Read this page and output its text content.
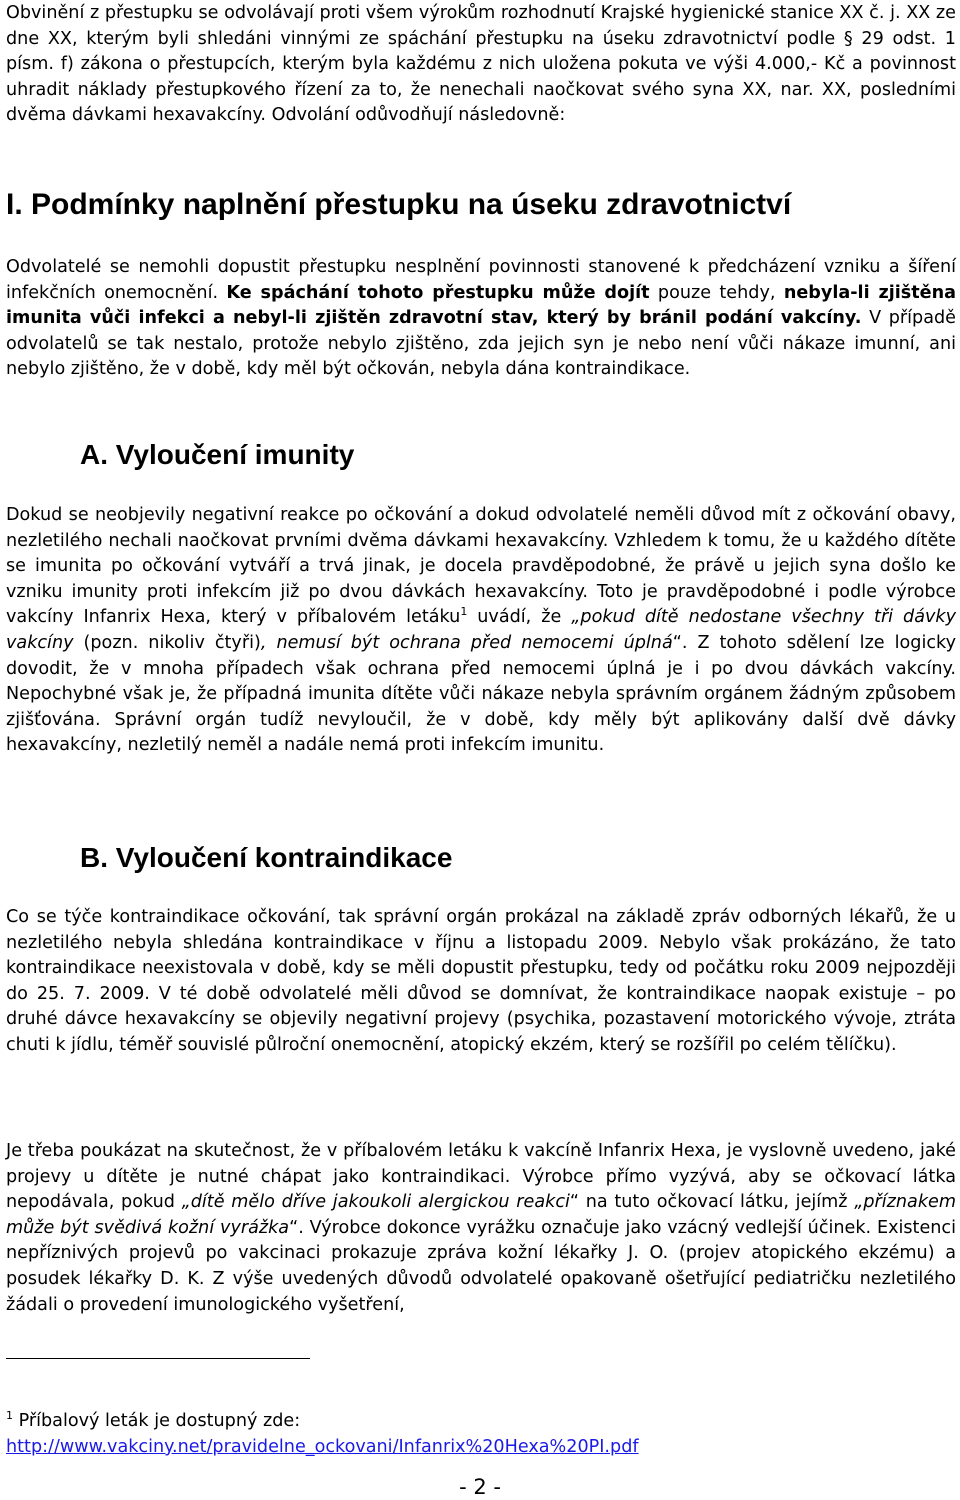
Obvinění z přestupku se odvolávají proti všem výrokům rozhodnutí Krajské hygienické stanice XX č. j. XX ze dne XX, kterým byli shledáni vinnými ze spáchání přestupku na úseku zdravotnictví podle § 29 odst. 1 písm. f) zákona o přestupcích, kterým byla každému z nich uložena pokuta ve výši 4.000,- Kč a povinnost uhradit náklady přestupkového řízení za to, že nenechali naočkovat svého syna XX, nar. XX, posledními dvěma dávkami hexavakcíny. Odvolání odůvodňují následovně:

I. Podmínky naplnění přestupku na úseku zdravotnictví

Odvolatelé se nemohli dopustit přestupku nesplnění povinnosti stanovené k předcházení vzniku a šíření infekčních onemocnění. Ke spáchání tohoto přestupku může dojít pouze tehdy, nebyla-li zjištěna imunita vůči infekci a nebyl-li zjištěn zdravotní stav, který by bránil podání vakcíny. V případě odvolatelů se tak nestalo, protože nebylo zjištěno, zda jejich syn je nebo není vůči nákaze imunní, ani nebylo zjištěno, že v době, kdy měl být očkován, nebyla dána kontraindikace.

A. Vyloučení imunity

Dokud se neobjevily negativní reakce po očkování a dokud odvolatelé neměli důvod mít z očkování obavy, nezletilého nechali naočkovat prvními dvěma dávkami hexavakcíny. Vzhledem k tomu, že u každého dítěte se imunita po očkování vytváří a trvá jinak, je docela pravděpodobné, že právě u jejich syna došlo ke vzniku imunity proti infekcím již po dvou dávkách hexavakcíny. Toto je pravděpodobné i podle výrobce vakcíny Infanrix Hexa, který v příbalovém letáku$^1$ uvádí, že „pokud dítě nedostane všechny tři dávky vakcíny (pozn. nikoliv čtyři), nemusí být ochrana před nemocemi úplná“. Z tohoto sdělení lze logicky dovodit, že v mnoha případech však ochrana před nemocemi úplná je i po dvou dávkách vakcíny. Nepochybné však je, že případná imunita dítěte vůči nákaze nebyla správním orgánem žádným způsobem zjišťována. Správní orgán tudíž nevyloučil, že v době, kdy měly být aplikovány další dvě dávky hexavakcíny, nezletilý neměl a nadále nemá proti infekcím imunitu.

B. Vyloučení kontraindikace

Co se týče kontraindikace očkování, tak správní orgán prokázal na základě zpráv odborných lékařů, že u nezletilého nebyla shledána kontraindikace v říjnu a listopadu 2009. Nebylo však prokázáno, že tato kontraindikace neexistovala v době, kdy se měli dopustit přestupku, tedy od počátku roku 2009 nejpozději do 25. 7. 2009. V té době odvolatelé měli důvod se domnívat, že kontraindikace naopak existuje – po druhé dávce hexavakcíny se objevily negativní projevy (psychika, pozastavení motorického vývoje, ztráta chuti k jídlu, téměř souvislé půlroční onemocnění, atopický ekzém, který se rozšířil po celém tělíčku).

Je třeba poukázat na skutečnost, že v příbalovém letáku k vakcíně Infanrix Hexa, je vyslovně uvedeno, jaké projevy u dítěte je nutné chápat jako kontraindikaci. Výrobce přímo vyzývá, aby se očkovací látka nepodávala, pokud „dítě mělo dříve jakoukoli alergickou reakci“ na tuto očkovací látku, jejímž „příznakem může být svědivá kožní vyrážka“. Výrobce dokonce vyrážku označuje jako vzácný vedlejší účinek. Existenci nepříznivých projevů po vakcinaci prokazuje zpráva kožní lékařky J. O. (projev atopického ekzému) a posudek lékařky D. K. Z výše uvedených důvodů odvolatelé opakovaně ošetřující pediatričku nezletilého žádali o provedení imunologického vyšetření,

$^1$ Příbalový leták je dostupný zde:
http://www.vakciny.net/pravidelne_ockovani/Infanrix%20Hexa%20PI.pdf
- 2 -
